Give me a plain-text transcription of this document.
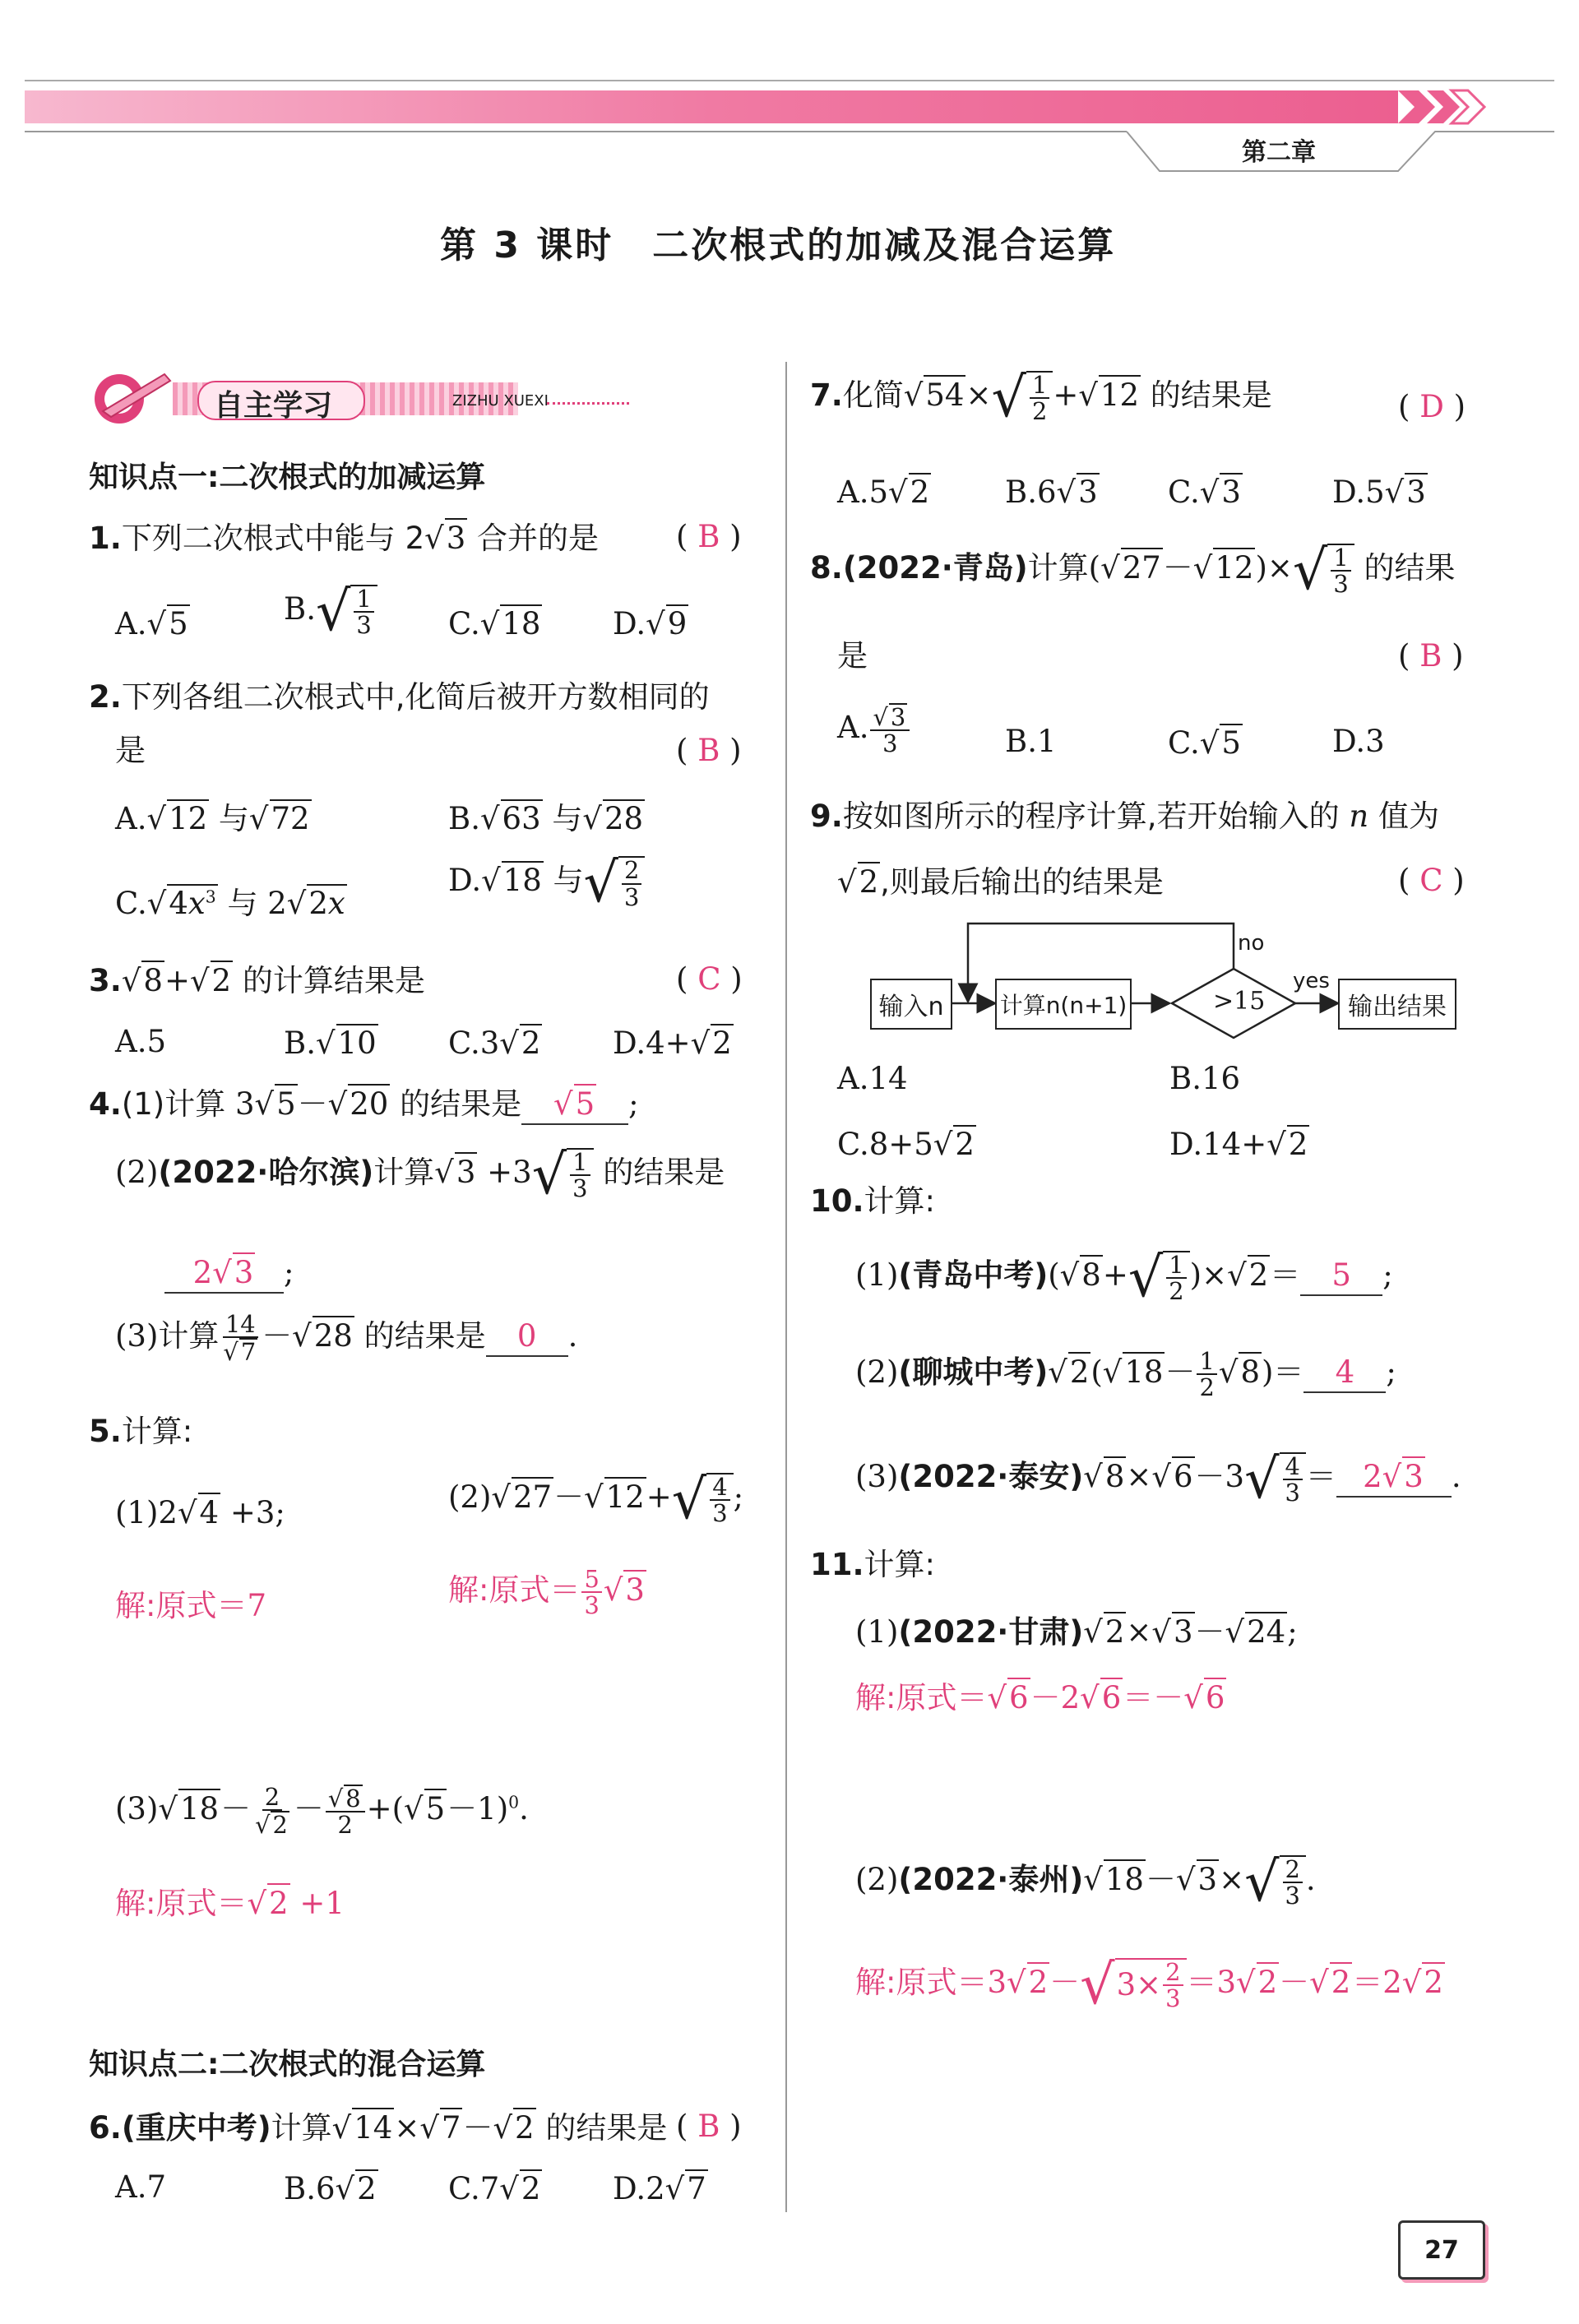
第二章
第 3 课时　二次根式的加减及混合运算
自主学习	ZIZHU XUEXI
知识点一:二次根式的加减运算
1.下列二次根式中能与 2√3 合并的是	( B )
A.√5	B. √ $\frac{1}{3} C.√18$ D.√9
2.下列各组二次根式中,化简后被开方数相同的
是	( B )
A.√12 与√72	B.√63 与√28
$C.√4x^3$ 与 2√2x
D.√18 与 √ $\frac{2}{3}$
3.√8+√2 的计算结果是	( C )
A.5	B.√10 C.3√2 D.4+√2
4.(1)计算 3√5－√20 的结果是 √5 ;
(2)(2022·哈尔滨)计算√3 +3 √ $\frac{1}{3}$ 的结果是
2√3 ;
(3)计算 $\frac{14}{√ 7} -√28$ 的结果是 0 .
5.计算:
(1)2√4 +3;	(2)√27－√12+ √ $\frac{4}{3}$ ;
解:原式＝7	解:原式＝ $\frac{5}{3} √3$
$(3)√18- \frac{2}{√ 2} - \frac{√ 8}{2} +(√5-1)^0$.
解:原式＝√2 +1
知识点二:二次根式的混合运算
6.(重庆中考)计算√14×√7－√2 的结果是 ( B )
A.7	B.6√2 C.7√2 D.2√7
7.化简√54× √ $\frac{1}{2} +√12$ 的结果是	( D )
A.5√2 B.6√3 C.√3	D.5√3
8.(2022·青岛)计算(√27－√12)× √ $\frac{1}{3}$ 的结果
是	( B )
A. $\frac{√ 3}{3}$	B.1	C.√5	D.3
9.按如图所示的程序计算,若开始输入的 n 值为
√2,则最后输出的结果是	( C )
输入n	计算n(n+1)	>15	输出结果
no
yes
A.14	B.16
C.8+5√2	D.14+√2
10.计算:
(1)(青岛中考)(√8+ √ $\frac{1}{2} )\times√2= 5$ ;
(2)(聊城中考)$√2(√18- \frac{1}{2} √8)= 4$ ;
(3)(2022·泰安)√8×√6－3 √ $\frac{4}{3} = 2√3$ .
11.计算:
(1)(2022·甘肃)√2×√3－√24;
解:原式＝√6－2√6＝－√6
(2)(2022·泰州)√18－√3× √ $\frac{2}{3}$ .
解:原式＝3√2－ √ $3\times \frac{2}{3} =3√2-√2=2√2$
27
